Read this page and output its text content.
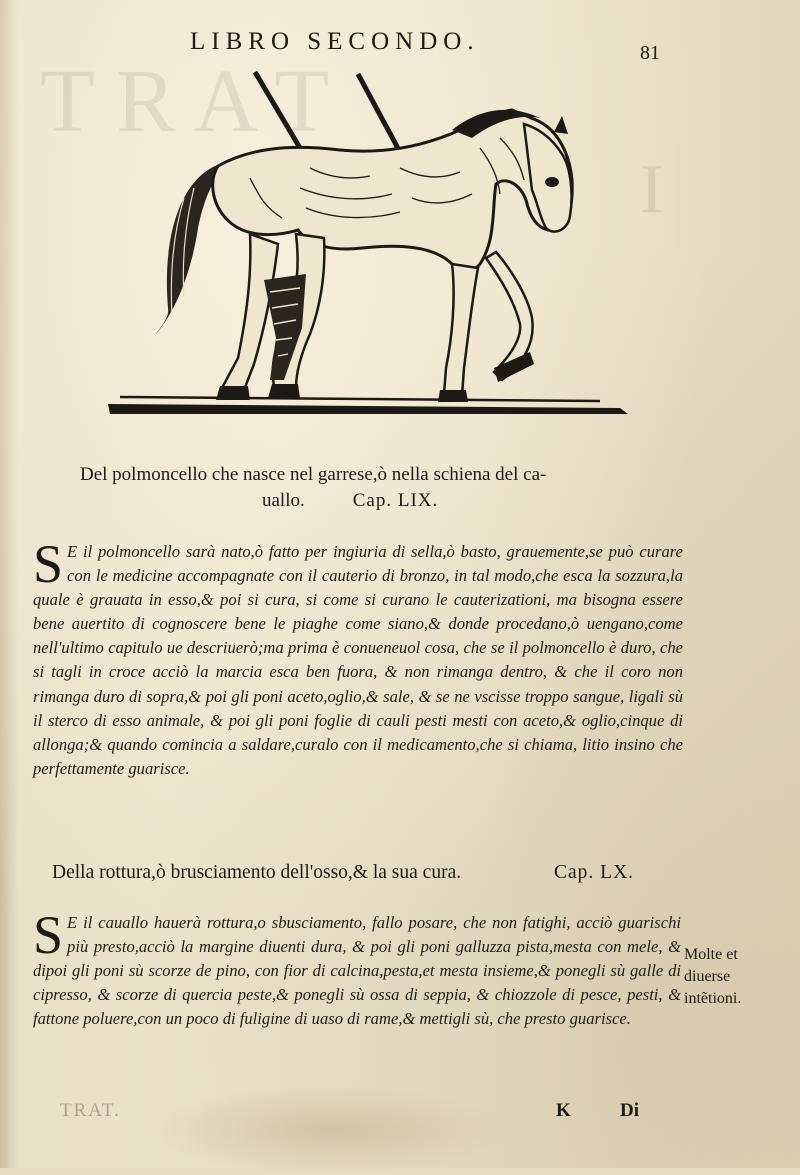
T R A T
I
LIBRO SECONDO.	81
Del polmoncello che nasce nel garrese,ò nella schiena del ca-
uallo.	Cap. LIX.
S E il polmoncello sarà nato,ò fatto per ingiuria di sella,ò basto, grauemente,se può curare con le medicine accompagnate con il cauterio di bronzo, in tal modo,che esca la sozzura,la quale è grauata in esso,& poi si cura, si come si curano le cauterizationi, ma bisogna essere bene auertito di cognoscere bene le piaghe come siano,& donde procedano,ò uengano,come nell'ultimo capitulo ue descriuerò;ma prima è conueneuol cosa, che se il polmoncello è duro, che si tagli in croce acciò la marcia esca ben fuora, & non rimanga dentro, & che il coro non rimanga duro di sopra,& poi gli poni aceto,oglio,& sale, & se ne vscisse troppo sangue, ligali sù il sterco di esso animale, & poi gli poni foglie di cauli pesti mesti con aceto,& oglio,cinque di allonga;& quando comincia a saldare,curalo con il medicamento,che si chiama, litio insino che perfettamente guarisce.
Della rottura,ò brusciamento dell'osso,& la sua cura.	Cap. LX.
S E il cauallo hauerà rottura,o sbusciamento, fallo posare, che non fatighi, acciò guarischi più presto,acciò la margine diuenti dura, & poi gli poni galluzza pista,mesta con mele, & dipoi gli poni sù scorze de pino, con fior di calcina,pesta,et mesta insieme,& ponegli sù galle di cipresso, & scorze di quercia peste,& ponegli sù ossa di seppia, & chiozzole di pesce, pesti, & fattone poluere,con un poco di fuligine di uaso di rame,& mettigli sù, che presto guarisce.
Molte et diuerse intẽtioni.
TRAT.	K	Di
